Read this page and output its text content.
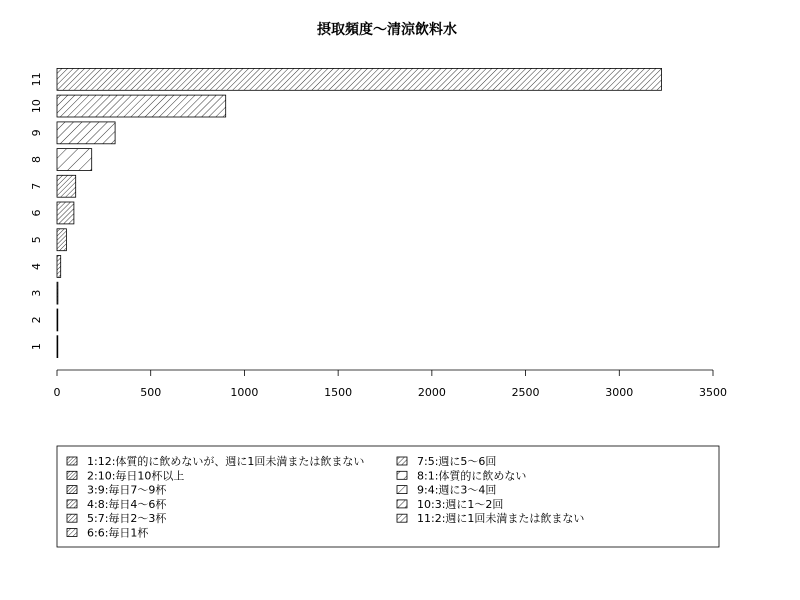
摂取頻度～清涼飲料水
1
2
3
4
5
6
7
8
9
10
11
0	500	1000	1500	2000	2500	3000	3500
1:12:体質的に飲めないが、週に1回未満または飲まない
2:10:毎日10杯以上
3:9:毎日7～9杯
4:8:毎日4～6杯
5:7:毎日2～3杯
6:6:毎日1杯
7:5:週に5～6回
8:1:体質的に飲めない
9:4:週に3～4回
10:3:週に1～2回
11:2:週に1回未満または飲まない
